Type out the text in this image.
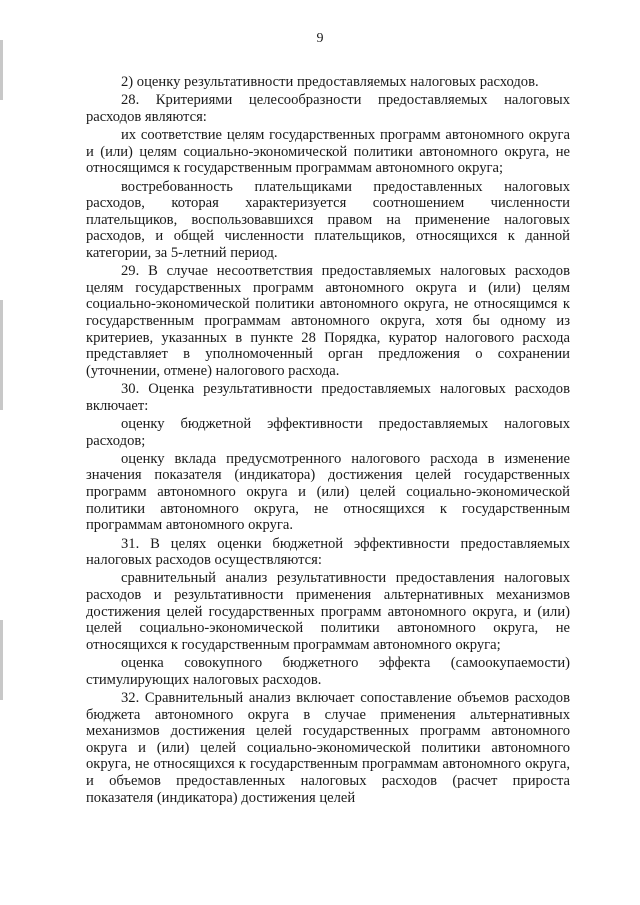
9

2) оценку результативности предоставляемых налоговых расходов.

28. Критериями целесообразности предоставляемых налоговых расходов являются:

их соответствие целям государственных программ автономного округа и (или) целям социально-экономической политики автономного округа, не относящимся к государственным программам автономного округа;

востребованность плательщиками предоставленных налоговых расходов, которая характеризуется соотношением численности плательщиков, воспользовавшихся правом на применение налоговых расходов, и общей численности плательщиков, относящихся к данной категории, за 5-летний период.

29. В случае несоответствия предоставляемых налоговых расходов целям государственных программ автономного округа и (или) целям социально-экономической политики автономного округа, не относящимся к государственным программам автономного округа, хотя бы одному из критериев, указанных в пункте 28 Порядка, куратор налогового расхода представляет в уполномоченный орган предложения о сохранении (уточнении, отмене) налогового расхода.

30. Оценка результативности предоставляемых налоговых расходов включает:

оценку бюджетной эффективности предоставляемых налоговых расходов;

оценку вклада предусмотренного налогового расхода в изменение значения показателя (индикатора) достижения целей государственных программ автономного округа и (или) целей социально-экономической политики автономного округа, не относящихся к государственным программам автономного округа.

31. В целях оценки бюджетной эффективности предоставляемых налоговых расходов осуществляются:

сравнительный анализ результативности предоставления налоговых расходов и результативности применения альтернативных механизмов достижения целей государственных программ автономного округа, и (или) целей социально-экономической политики автономного округа, не относящихся к государственным программам автономного округа;

оценка совокупного бюджетного эффекта (самоокупаемости) стимулирующих налоговых расходов.

32. Сравнительный анализ включает сопоставление объемов расходов бюджета автономного округа в случае применения альтернативных механизмов достижения целей государственных программ автономного округа и (или) целей социально-экономической политики автономного округа, не относящихся к государственным программам автономного округа, и объемов предоставленных налоговых расходов (расчет прироста показателя (индикатора) достижения целей
